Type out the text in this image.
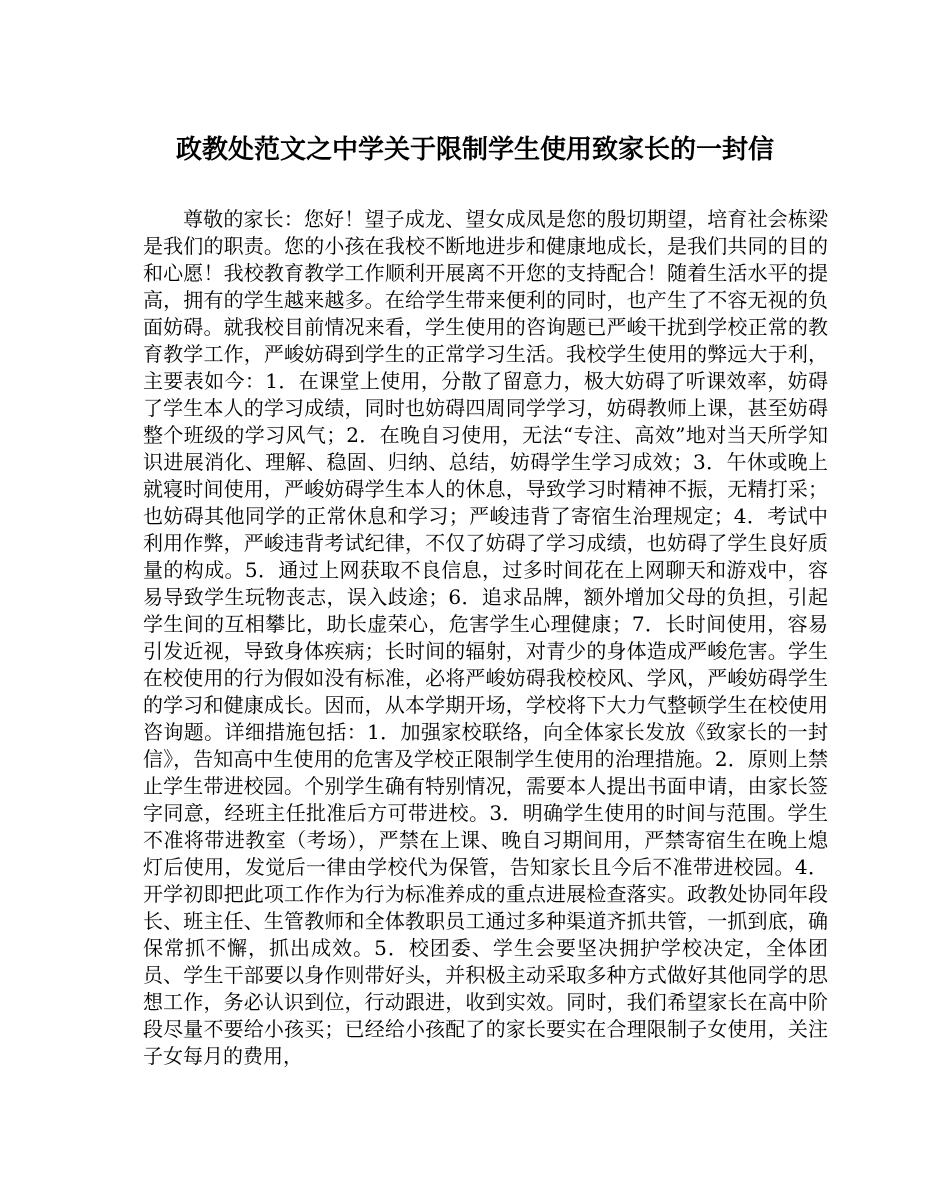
政教处范文之中学关于限制学生使用致家长的一封信

尊敬的家长：您好！望子成龙、望女成凤是您的殷切期望，培育社会栋梁是我们的职责。您的小孩在我校不断地进步和健康地成长，是我们共同的目的和心愿！我校教育教学工作顺利开展离不开您的支持配合！随着生活水平的提高，拥有的学生越来越多。在给学生带来便利的同时，也产生了不容无视的负面妨碍。就我校目前情况来看，学生使用的咨询题已严峻干扰到学校正常的教育教学工作，严峻妨碍到学生的正常学习生活。我校学生使用的弊远大于利，主要表如今：1．在课堂上使用，分散了留意力，极大妨碍了听课效率，妨碍了学生本人的学习成绩，同时也妨碍四周同学学习，妨碍教师上课，甚至妨碍整个班级的学习风气；2．在晚自习使用，无法“专注、高效”地对当天所学知识进展消化、理解、稳固、归纳、总结，妨碍学生学习成效；3．午休或晚上就寝时间使用，严峻妨碍学生本人的休息，导致学习时精神不振，无精打采；也妨碍其他同学的正常休息和学习；严峻违背了寄宿生治理规定；4．考试中利用作弊，严峻违背考试纪律，不仅了妨碍了学习成绩，也妨碍了学生良好质量的构成。5．通过上网获取不良信息，过多时间花在上网聊天和游戏中，容易导致学生玩物丧志，误入歧途；6．追求品牌，额外增加父母的负担，引起学生间的互相攀比，助长虚荣心，危害学生心理健康；7．长时间使用，容易引发近视，导致身体疾病；长时间的辐射，对青少的身体造成严峻危害。学生在校使用的行为假如没有标准，必将严峻妨碍我校校风、学风，严峻妨碍学生的学习和健康成长。因而，从本学期开场，学校将下大力气整顿学生在校使用咨询题。详细措施包括：1．加强家校联络，向全体家长发放《致家长的一封信》，告知高中生使用的危害及学校正限制学生使用的治理措施。2．原则上禁止学生带进校园。个别学生确有特别情况，需要本人提出书面申请，由家长签字同意，经班主任批准后方可带进校。3．明确学生使用的时间与范围。学生不准将带进教室（考场），严禁在上课、晚自习期间用，严禁寄宿生在晚上熄灯后使用，发觉后一律由学校代为保管，告知家长且今后不准带进校园。4．开学初即把此项工作作为行为标准养成的重点进展检查落实。政教处协同年段长、班主任、生管教师和全体教职员工通过多种渠道齐抓共管，一抓到底，确保常抓不懈，抓出成效。5．校团委、学生会要坚决拥护学校决定，全体团员、学生干部要以身作则带好头，并积极主动采取多种方式做好其他同学的思想工作，务必认识到位，行动跟进，收到实效。同时，我们希望家长在高中阶段尽量不要给小孩买；已经给小孩配了的家长要实在合理限制子女使用，关注子女每月的费用，
